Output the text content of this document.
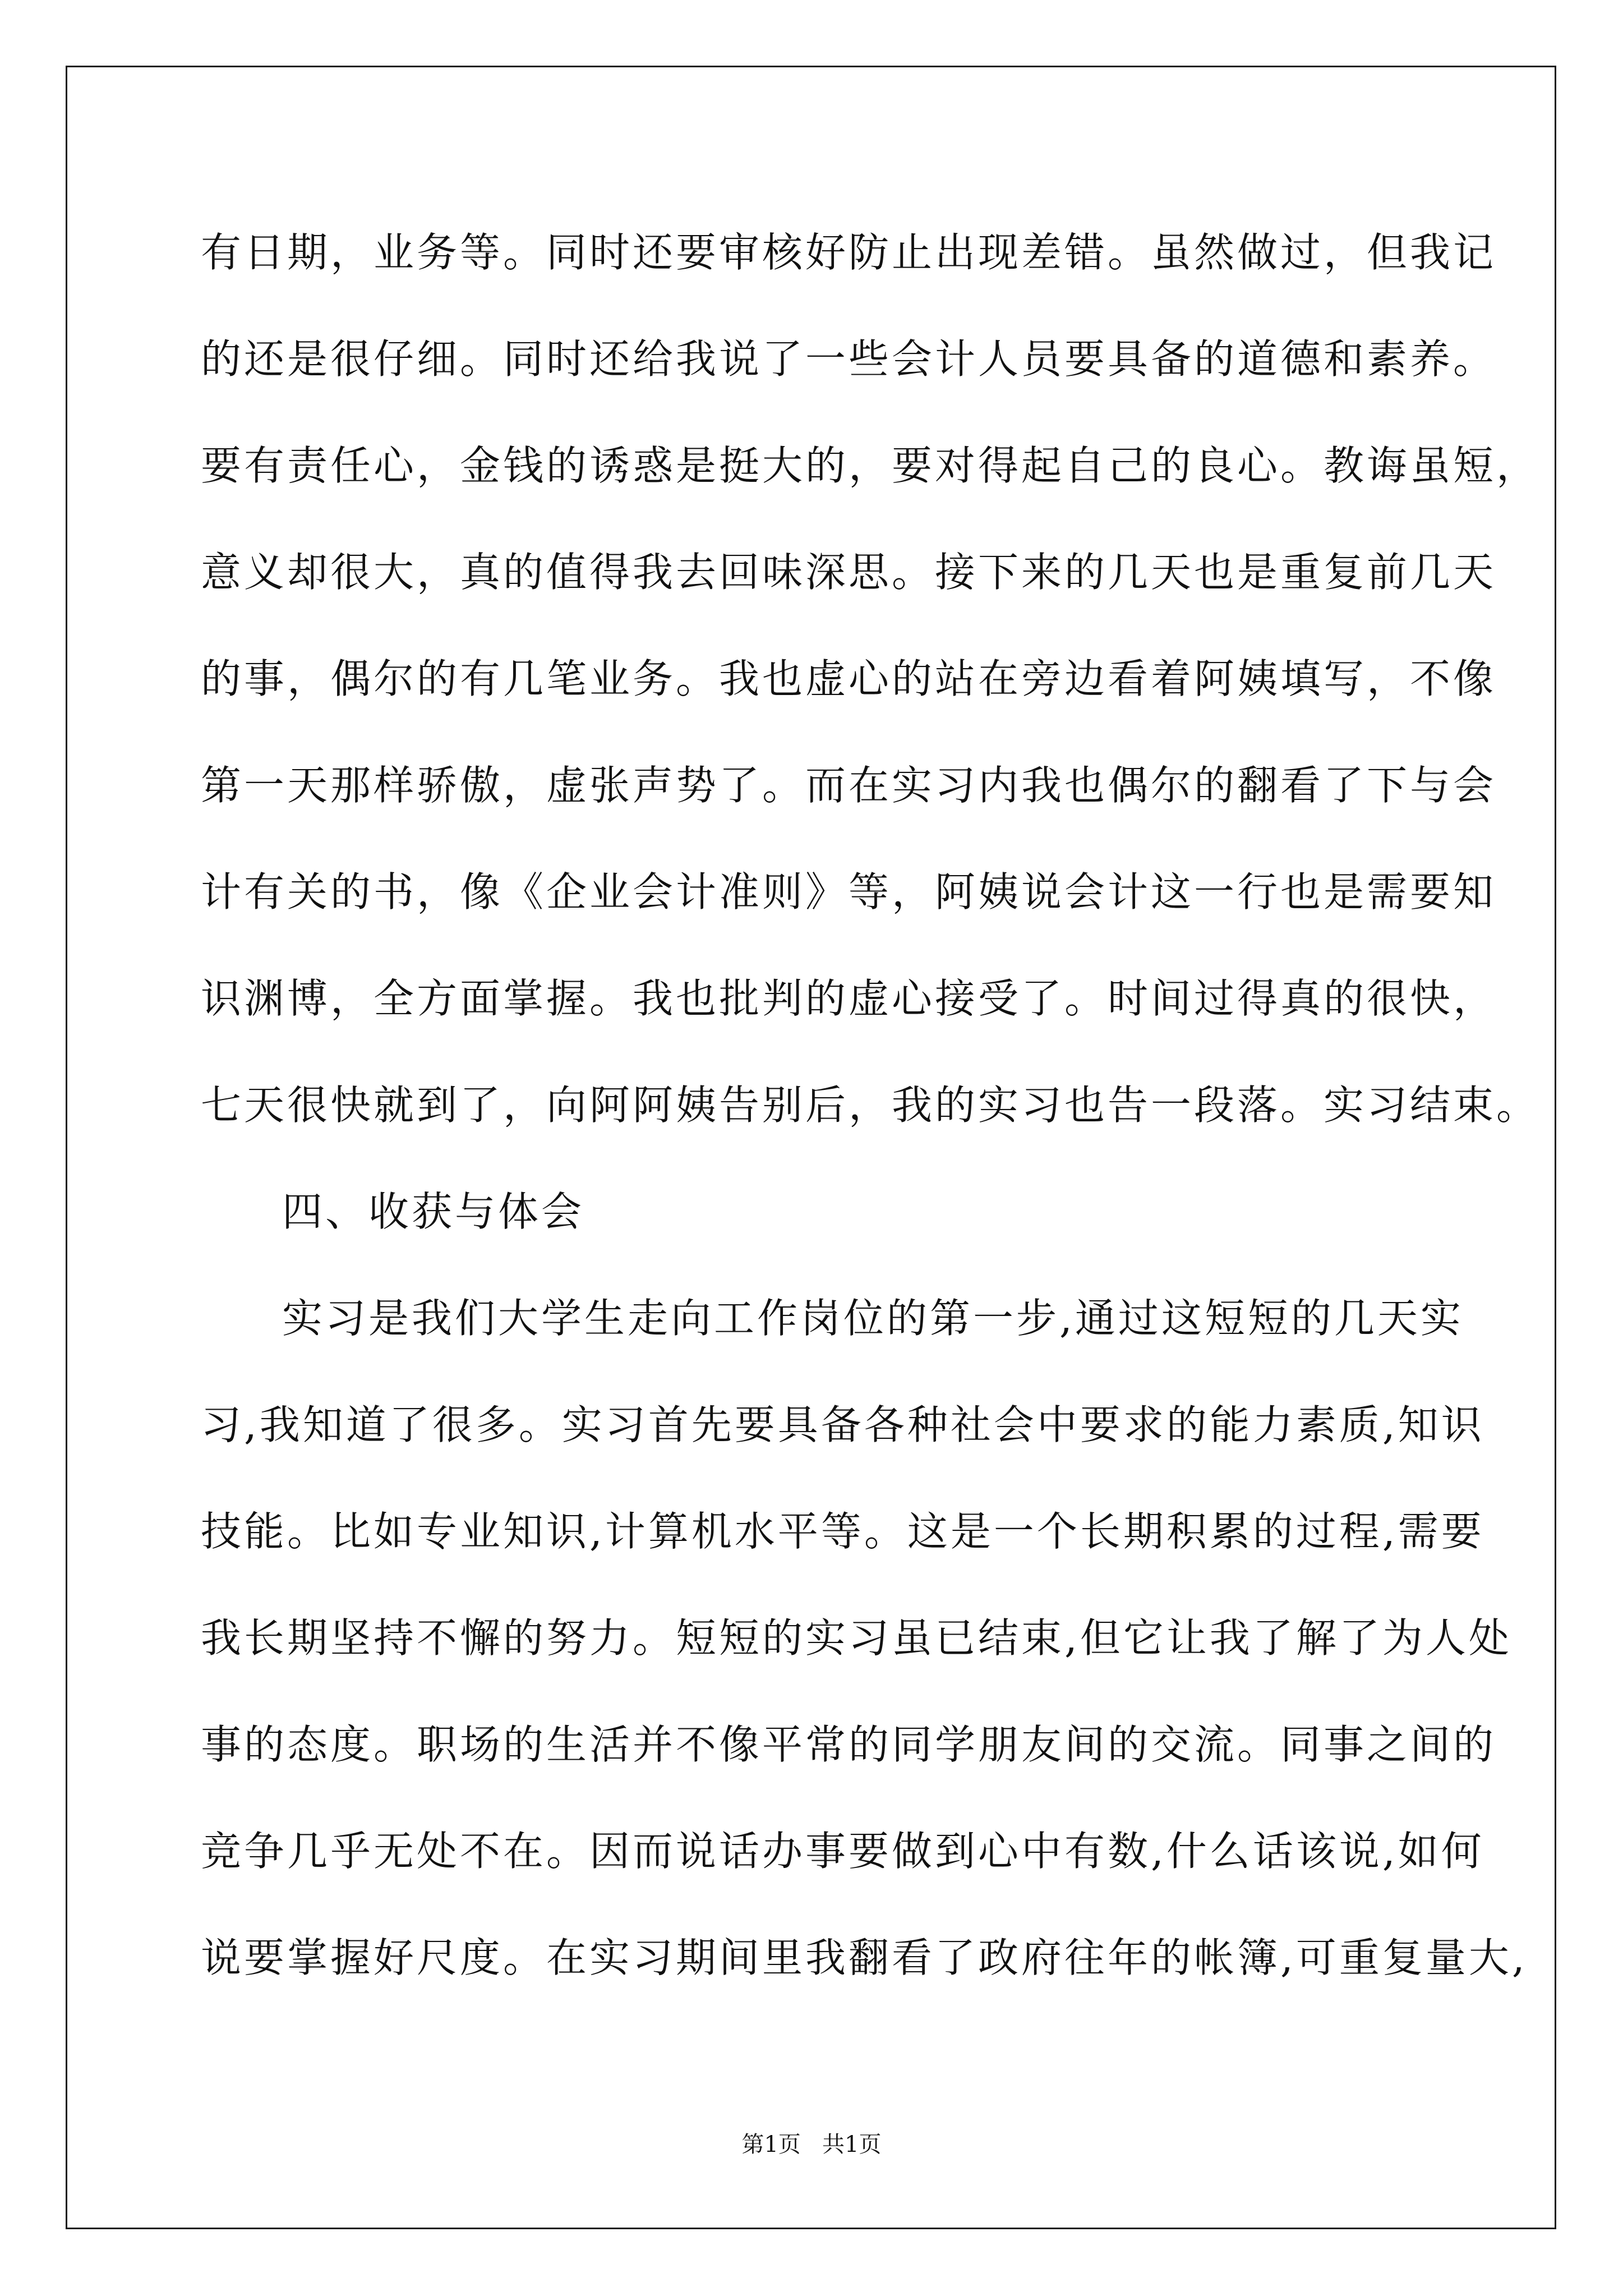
有日期，业务等。同时还要审核好防止出现差错。虽然做过，但我记
的还是很仔细。同时还给我说了一些会计人员要具备的道德和素养。
要有责任心，金钱的诱惑是挺大的，要对得起自己的良心。教诲虽短，
意义却很大，真的值得我去回味深思。接下来的几天也是重复前几天
的事，偶尔的有几笔业务。我也虚心的站在旁边看着阿姨填写，不像
第一天那样骄傲，虚张声势了。而在实习内我也偶尔的翻看了下与会
计有关的书，像《企业会计准则》等，阿姨说会计这一行也是需要知
识渊博，全方面掌握。我也批判的虚心接受了。时间过得真的很快，
七天很快就到了，向阿阿姨告别后，我的实习也告一段落。实习结束。
四、收获与体会
实习是我们大学生走向工作岗位的第一步,通过这短短的几天实
习,我知道了很多。实习首先要具备各种社会中要求的能力素质,知识
技能。比如专业知识,计算机水平等。这是一个长期积累的过程,需要
我长期坚持不懈的努力。短短的实习虽已结束,但它让我了解了为人处
事的态度。职场的生活并不像平常的同学朋友间的交流。同事之间的
竞争几乎无处不在。因而说话办事要做到心中有数,什么话该说,如何
说要掌握好尺度。在实习期间里我翻看了政府往年的帐簿,可重复量大,
第1页   共1页
